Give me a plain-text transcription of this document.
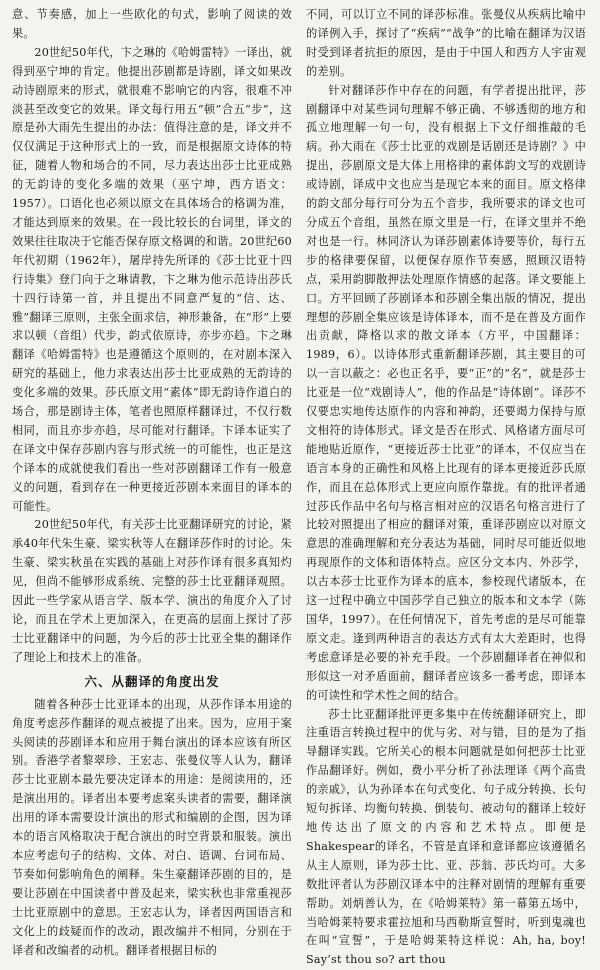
意、节奏感，加上一些欧化的句式，影响了阅读的效果。

20世纪50年代，卞之琳的《哈姆雷特》一译出，就得到巫宁坤的肯定。他提出莎剧都是诗剧，译文如果改动诗剧原来的形式，就很难不影响它的内容，很难不冲淡甚至改变它的效果。译文每行用五“顿”合五“步”，这原是孙大雨先生提出的办法：值得注意的是，译文并不仅仅满足于这种形式上的一致，而是根据原文诗体的特征，随着人物和场合的不同，尽力表达出莎士比亚成熟的无韵诗的变化多端的效果（巫宁坤，西方语文：1957）。口语化也必须以原文在具体场合的格调为准，才能达到原来的效果。在一段比较长的台词里，译文的效果往往取决于它能否保存原文格调的和谐。20世纪60年代初期（1962年），屠岸持先所译的《莎士比亚十四行诗集》登门向于之琳请教，卞之琳为他示范诗出莎氏十四行诗第一首，并且提出不同意严复的“信、达、雅”翻译三原则，主张全面求信，神形兼备，在“形”上要求以顿（音组）代步，韵式依原诗，亦步亦趋。卞之琳翻译《哈姆雷特》也是遵循这个原则的，在对剧本深入研究的基础上，他力求表达出莎士比亚成熟的无韵诗的变化多端的效果。莎氏原文用“素体”即无韵诗作道白的场合，那是剧诗主体，笔者也照原样翻译过，不仅行数相同，而且亦步亦趋，尽可能对行翻译。卞译本证实了在译文中保存莎剧内容与形式统一的可能性，也正是这个译本的成就使我们看出一些对莎剧翻译工作有一般意义的问题，看到存在一种更接近莎剧本来面目的译本的可能性。

20世纪50年代，有关莎士比亚翻译研究的讨论，紧承40年代朱生豪、梁实秋等人在翻译莎作时的讨论。朱生豪、梁实秋虽在实践的基础上对莎作译有很多真知灼见，但尚不能够形成系统、完整的莎士比亚翻译观照。因此一些学家从语言学、版本学、演出的角度介入了讨论，而且在学术上更加深入，在更高的层面上探讨了莎士比亚翻译中的问题，为今后的莎士比亚全集的翻译作了理论上和技术上的准备。

六、从翻译的角度出发

随着各种莎士比亚译本的出现，从莎作译本用途的角度考虑莎作翻译的观点被提了出来。因为，应用于案头阅读的莎剧译本和应用于舞台演出的译本应该有所区别。香港学者黎翠珍、王宏志、张曼仪等人认为，翻译莎士比亚剧本最先要决定译本的用途：是阅读用的，还是演出用的。译者出本要考虑案头读者的需要，翻译演出用的译本需要设计演出的形式和编剧的企图，因为译本的语言风格取决于配合演出的时空背景和服装。演出本应考虑句子的结构、文体、对白、语调、台词布局、节奏如何影响角色的阐释。朱生豪翻译莎剧的目的，是要让莎剧在中国读者中普及起来，梁实秋也非常重视莎士比亚原剧中的意思。王宏志认为，译者因两国语言和文化上的歧疑而作的改动，跟改编并不相同，分别在于译者和改编者的动机。翻译者根据目标的

不同，可以订立不同的译莎标准。张曼仪从疾病比喻中的译例入手，探讨了“疾病”“战争”的比喻在翻译为汉语时受到译者抗拒的原因，是由于中国人和西方人宇宙观的差别。

针对翻译莎作中存在的问题，有学者提出批评，莎剧翻译中对某些词句理解不够正确、不够透彻的地方和孤立地理解一句一句，没有根据上下文仔细推敲的毛病。孙大雨在《莎士比亚的戏剧是话剧还是诗剧？》中提出，莎剧原文是大体上用格律的素体韵文写的戏剧诗或诗剧，译成中文也应当是现它本来的面目。原文格律的韵文部分每行可分为五个音步，我所要求的译文也可分成五个音组，虽然在原文里是一行，在译文里并不绝对也是一行。林同济认为译莎剧素体诗要等价，每行五步的格律要保留，以便保存原作节奏感，照顾汉语特点，采用韵脚散押法处理原作情感的起落。译文要能上口。方平回顾了莎剧译本和莎剧全集出版的情况，提出理想的莎剧全集应该是诗体译本，而不是在普及方面作出贡献，降格以求的散文译本（方平，中国翻译：1989，6）。以诗体形式重新翻译莎剧，其主要目的可以一言以蔽之：必也正名乎，要“正”的“名”，就是莎士比亚是一位“戏剧诗人”，他的作品是“诗体剧”。译莎不仅要忠实地传达原作的内容和神韵，还要竭力保持与原文相符的诗体形式。译文是否在形式、风格诸方面尽可能地贴近原作，“更接近莎士比亚”的译本，不仅应当在语言本身的正确性和风格上比现有的译本更接近莎氏原作，而且在总体形式上更应向原作靠拢。有的批评者通过莎氏作品中名句与格言相对应的汉语名句格言进行了比较对照提出了相应的翻译对策，重译莎剧应以对原文意思的准确理解和充分表达为基础，同时尽可能近似地再现原作的文体和语体特点。应区分文本内、外莎学，以古本莎士比亚作为译本的底本，参校现代诸版本，在这一过程中确立中国莎学自己独立的版本和文本学（陈国华，1997）。在任何情况下，首先考虑的是尽可能靠原文走。逢到两种语言的表达方式有太大差距时，也得考虑意译是必要的补充手段。一个莎剧翻译者在神似和形似这一对矛盾面前，翻译者应该多一番考虑，即译本的可读性和学术性之间的结合。

莎士比亚翻译批评更多集中在传统翻译研究上，即注重语言转换过程中的优与劣、对与错，目的是为了指导翻译实践。它所关心的根本问题就是如何把莎士比亚作品翻译好。例如，费小平分析了孙法理译《两个高贵的亲戚》，认为孙译本在句式变化、句子成分转换、长句短句拆译、均衡句转换、倒装句、被动句的翻译上较好地传达出了原文的内容和艺术特点。即便是Shakespear的译名，不管是直译和意译都应该遵循名从主人原则，译为莎士比、亚、莎翁、莎氏均可。大多数批评者认为莎剧汉译本中的注释对剧情的理解有重要帮助。刘炳善认为，在《哈姆莱特》第一幕第五场中，当哈姆莱特要求霍拉旭和马西勒斯宣誓时，听到鬼魂也在叫“宣誓”，于是哈姆莱特这样说：Ah, ha, boy! Say’st thou so? art thou
